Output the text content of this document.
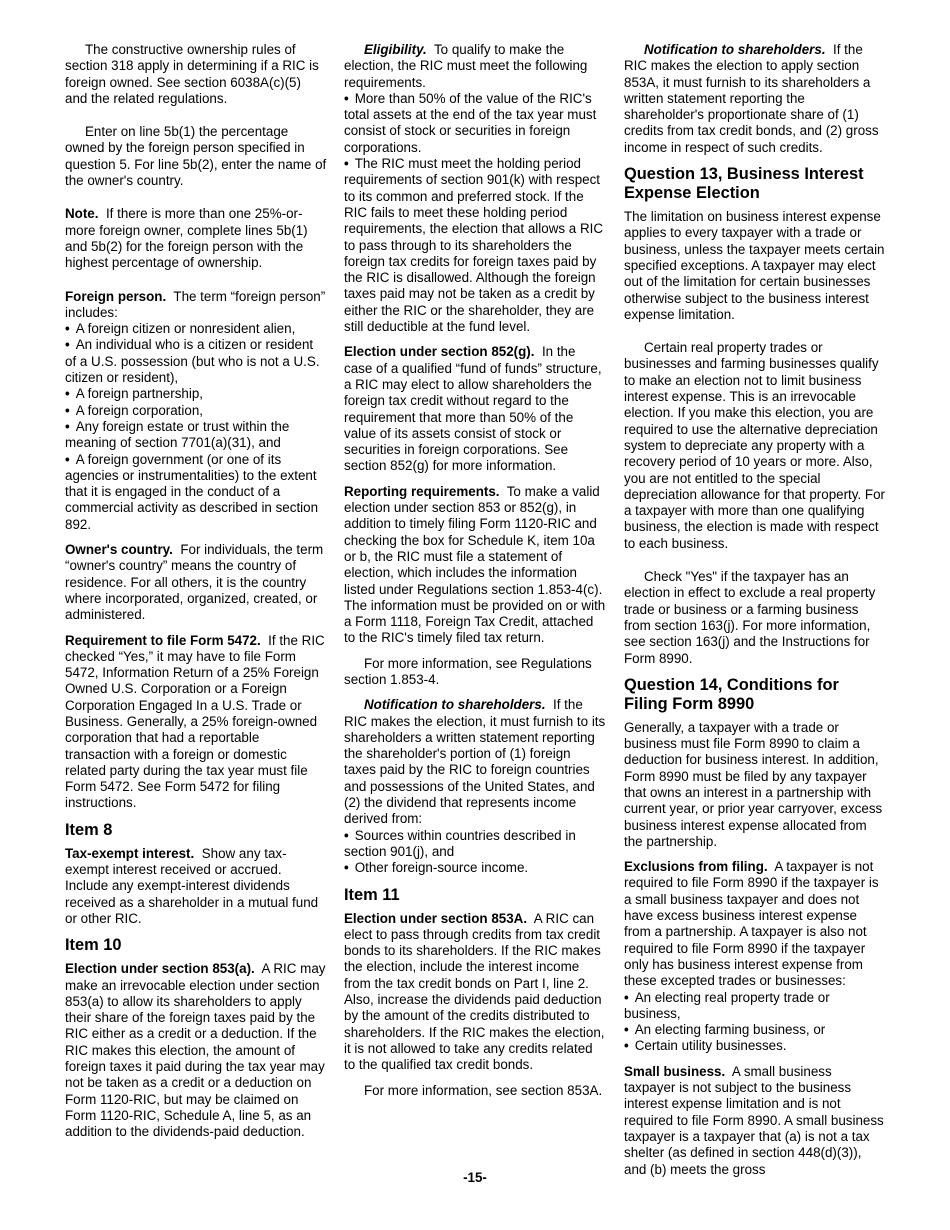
The constructive ownership rules of section 318 apply in determining if a RIC is foreign owned. See section 6038A(c)(5) and the related regulations.

Enter on line 5b(1) the percentage owned by the foreign person specified in question 5. For line 5b(2), enter the name of the owner's country.

Note. If there is more than one 25%-or-more foreign owner, complete lines 5b(1) and 5b(2) for the foreign person with the highest percentage of ownership.

Foreign person. The term “foreign person” includes:

• A foreign citizen or nonresident alien,
• An individual who is a citizen or resident of a U.S. possession (but who is not a U.S. citizen or resident),
• A foreign partnership,
• A foreign corporation,
• Any foreign estate or trust within the meaning of section 7701(a)(31), and
• A foreign government (or one of its agencies or instrumentalities) to the extent that it is engaged in the conduct of a commercial activity as described in section 892.

Owner's country. For individuals, the term “owner's country” means the country of residence. For all others, it is the country where incorporated, organized, created, or administered.

Requirement to file Form 5472. If the RIC checked “Yes,” it may have to file Form 5472, Information Return of a 25% Foreign Owned U.S. Corporation or a Foreign Corporation Engaged In a U.S. Trade or Business. Generally, a 25% foreign-owned corporation that had a reportable transaction with a foreign or domestic related party during the tax year must file Form 5472. See Form 5472 for filing instructions.

Item 8

Tax-exempt interest. Show any tax-exempt interest received or accrued. Include any exempt-interest dividends received as a shareholder in a mutual fund or other RIC.

Item 10

Election under section 853(a). A RIC may make an irrevocable election under section 853(a) to allow its shareholders to apply their share of the foreign taxes paid by the RIC either as a credit or a deduction. If the RIC makes this election, the amount of foreign taxes it paid during the tax year may not be taken as a credit or a deduction on Form 1120-RIC, but may be claimed on Form 1120-RIC, Schedule A, line 5, as an addition to the dividends-paid deduction.

Eligibility. To qualify to make the election, the RIC must meet the following requirements.

• More than 50% of the value of the RIC's total assets at the end of the tax year must consist of stock or securities in foreign corporations.
• The RIC must meet the holding period requirements of section 901(k) with respect to its common and preferred stock. If the RIC fails to meet these holding period requirements, the election that allows a RIC to pass through to its shareholders the foreign tax credits for foreign taxes paid by the RIC is disallowed. Although the foreign taxes paid may not be taken as a credit by either the RIC or the shareholder, they are still deductible at the fund level.

Election under section 852(g). In the case of a qualified “fund of funds” structure, a RIC may elect to allow shareholders the foreign tax credit without regard to the requirement that more than 50% of the value of its assets consist of stock or securities in foreign corporations. See section 852(g) for more information.

Reporting requirements. To make a valid election under section 853 or 852(g), in addition to timely filing Form 1120-RIC and checking the box for Schedule K, item 10a or b, the RIC must file a statement of election, which includes the information listed under Regulations section 1.853-4(c). The information must be provided on or with a Form 1118, Foreign Tax Credit, attached to the RIC's timely filed tax return.

For more information, see Regulations section 1.853-4.

Notification to shareholders. If the RIC makes the election, it must furnish to its shareholders a written statement reporting the shareholder's portion of (1) foreign taxes paid by the RIC to foreign countries and possessions of the United States, and (2) the dividend that represents income derived from:

• Sources within countries described in section 901(j), and
• Other foreign-source income.
Item 11

Election under section 853A. A RIC can elect to pass through credits from tax credit bonds to its shareholders. If the RIC makes the election, include the interest income from the tax credit bonds on Part I, line 2. Also, increase the dividends paid deduction by the amount of the credits distributed to shareholders. If the RIC makes the election, it is not allowed to take any credits related to the qualified tax credit bonds.

For more information, see section 853A.

Notification to shareholders. If the RIC makes the election to apply section 853A, it must furnish to its shareholders a written statement reporting the shareholder's proportionate share of (1) credits from tax credit bonds, and (2) gross income in respect of such credits.

Question 13, Business Interest Expense Election

The limitation on business interest expense applies to every taxpayer with a trade or business, unless the taxpayer meets certain specified exceptions. A taxpayer may elect out of the limitation for certain businesses otherwise subject to the business interest expense limitation.

Certain real property trades or businesses and farming businesses qualify to make an election not to limit business interest expense. This is an irrevocable election. If you make this election, you are required to use the alternative depreciation system to depreciate any property with a recovery period of 10 years or more. Also, you are not entitled to the special depreciation allowance for that property. For a taxpayer with more than one qualifying business, the election is made with respect to each business.

Check "Yes" if the taxpayer has an election in effect to exclude a real property trade or business or a farming business from section 163(j). For more information, see section 163(j) and the Instructions for Form 8990.

Question 14, Conditions for Filing Form 8990

Generally, a taxpayer with a trade or business must file Form 8990 to claim a deduction for business interest. In addition, Form 8990 must be filed by any taxpayer that owns an interest in a partnership with current year, or prior year carryover, excess business interest expense allocated from the partnership.

Exclusions from filing. A taxpayer is not required to file Form 8990 if the taxpayer is a small business taxpayer and does not have excess business interest expense from a partnership. A taxpayer is also not required to file Form 8990 if the taxpayer only has business interest expense from these excepted trades or businesses:

• An electing real property trade or business,
• An electing farming business, or
• Certain utility businesses.

Small business. A small business taxpayer is not subject to the business interest expense limitation and is not required to file Form 8990. A small business taxpayer is a taxpayer that (a) is not a tax shelter (as defined in section 448(d)(3)), and (b) meets the gross

-15-
